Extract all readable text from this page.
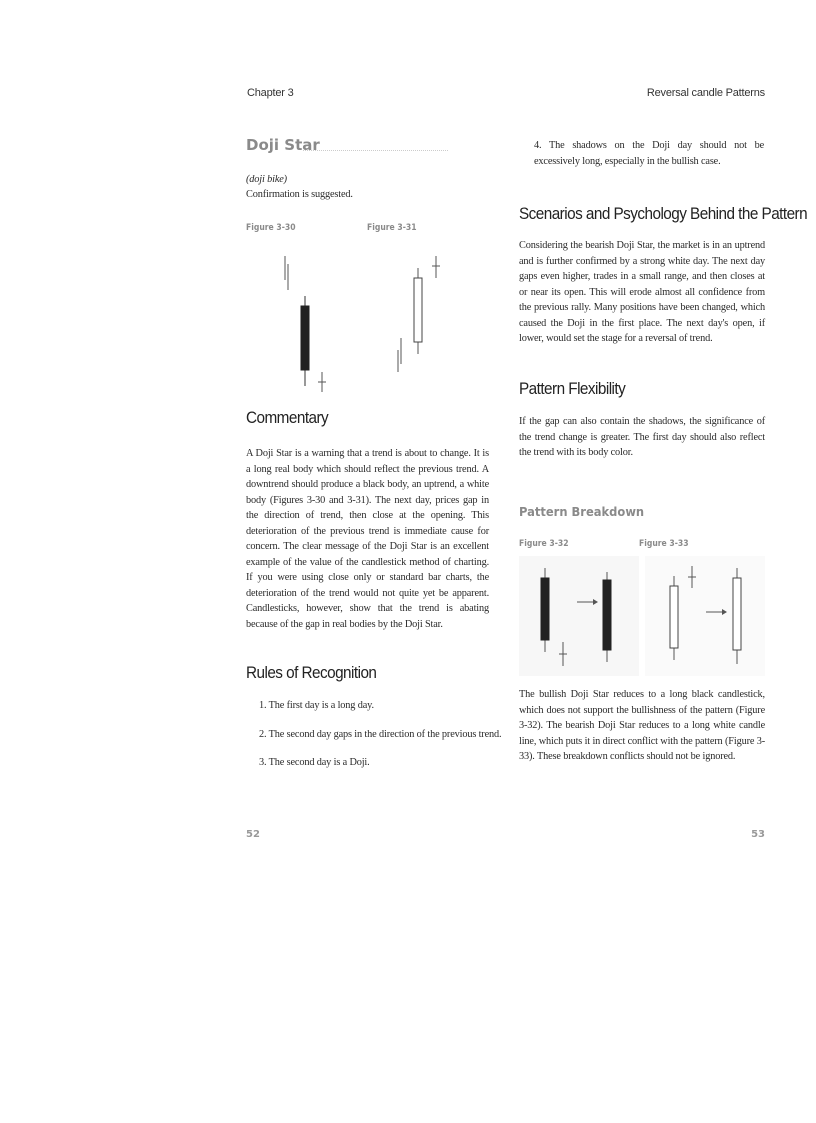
Chapter 3	Reversal candle Patterns
Doji Star
(doji bike)
Confirmation is suggested.
Figure 3-30	Figure 3-31
Commentary
A Doji Star is a warning that a trend is about to change. It is a long real body which should reflect the previous trend. A downtrend should produce a black body, an uptrend, a white body (Figures 3-30 and 3-31). The next day, prices gap in the direction of trend, then close at the opening. This deterioration of the previous trend is immediate cause for concern. The clear message of the Doji Star is an excellent example of the value of the candlestick method of charting. If you were using close only or standard bar charts, the deterioration of the trend would not quite yet be apparent. Candlesticks, however, show that the trend is abating because of the gap in real bodies by the Doji Star.
Rules of Recognition
1. The first day is a long day.
2. The second day gaps in the direction of the previous trend.
3. The second day is a Doji.
52
4. The shadows on the Doji day should not be excessively long, especially in the bullish case.
Scenarios and Psychology Behind the Pattern
Considering the bearish Doji Star, the market is in an uptrend and is further confirmed by a strong white day. The next day gaps even higher, trades in a small range, and then closes at or near its open. This will erode almost all confidence from the previous rally. Many positions have been changed, which caused the Doji in the first place. The next day's open, if lower, would set the stage for a reversal of trend.
Pattern Flexibility
If the gap can also contain the shadows, the significance of the trend change is greater. The first day should also reflect the trend with its body color.
Pattern Breakdown
Figure 3-32	Figure 3-33
The bullish Doji Star reduces to a long black candlestick, which does not support the bullishness of the pattern (Figure 3-32). The bearish Doji Star reduces to a long white candle line, which puts it in direct conflict with the pattern (Figure 3-33). These breakdown conflicts should not be ignored.
53
